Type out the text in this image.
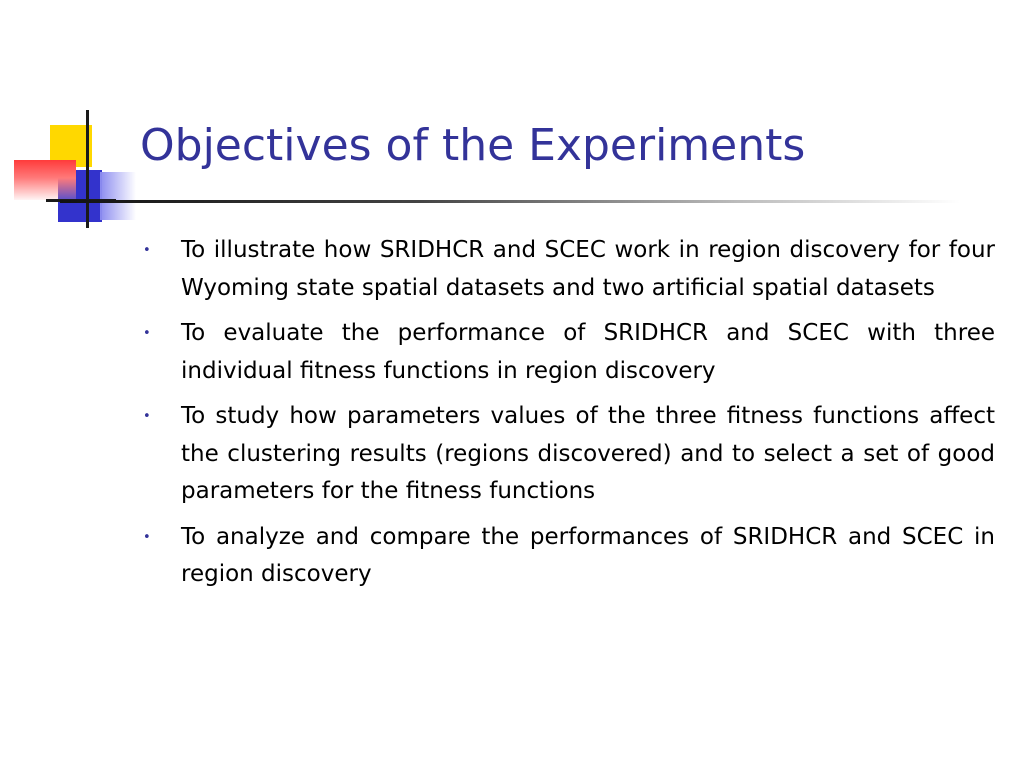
Objectives of the Experiments
• To illustrate how SRIDHCR and SCEC work in region discovery for four Wyoming state spatial datasets and two artificial spatial datasets
• To evaluate the performance of SRIDHCR and SCEC with three individual fitness functions in region discovery
• To study how parameters values of the three fitness functions affect the clustering results (regions discovered) and to select a set of good parameters for the fitness functions
• To analyze and compare the performances of SRIDHCR and SCEC in region discovery
